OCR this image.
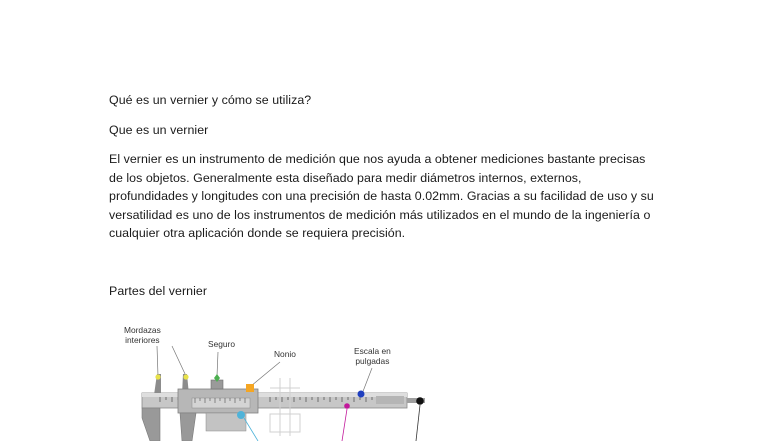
Qué es un vernier y cómo se utiliza?

Que es un vernier

El vernier es un instrumento de medición que nos ayuda a obtener mediciones bastante precisas
de los objetos. Generalmente esta diseñado para medir diámetros internos, externos,
profundidades y longitudes con una precisión de hasta 0.02mm. Gracias a su facilidad de uso y su
versatilidad es uno de los instrumentos de medición más utilizados en el mundo de la ingeniería o
cualquier otra aplicación donde se requiera precisión.

Partes del vernier

Mordazas
interiores	Seguro
Nonio	Escala en
pulgadas
